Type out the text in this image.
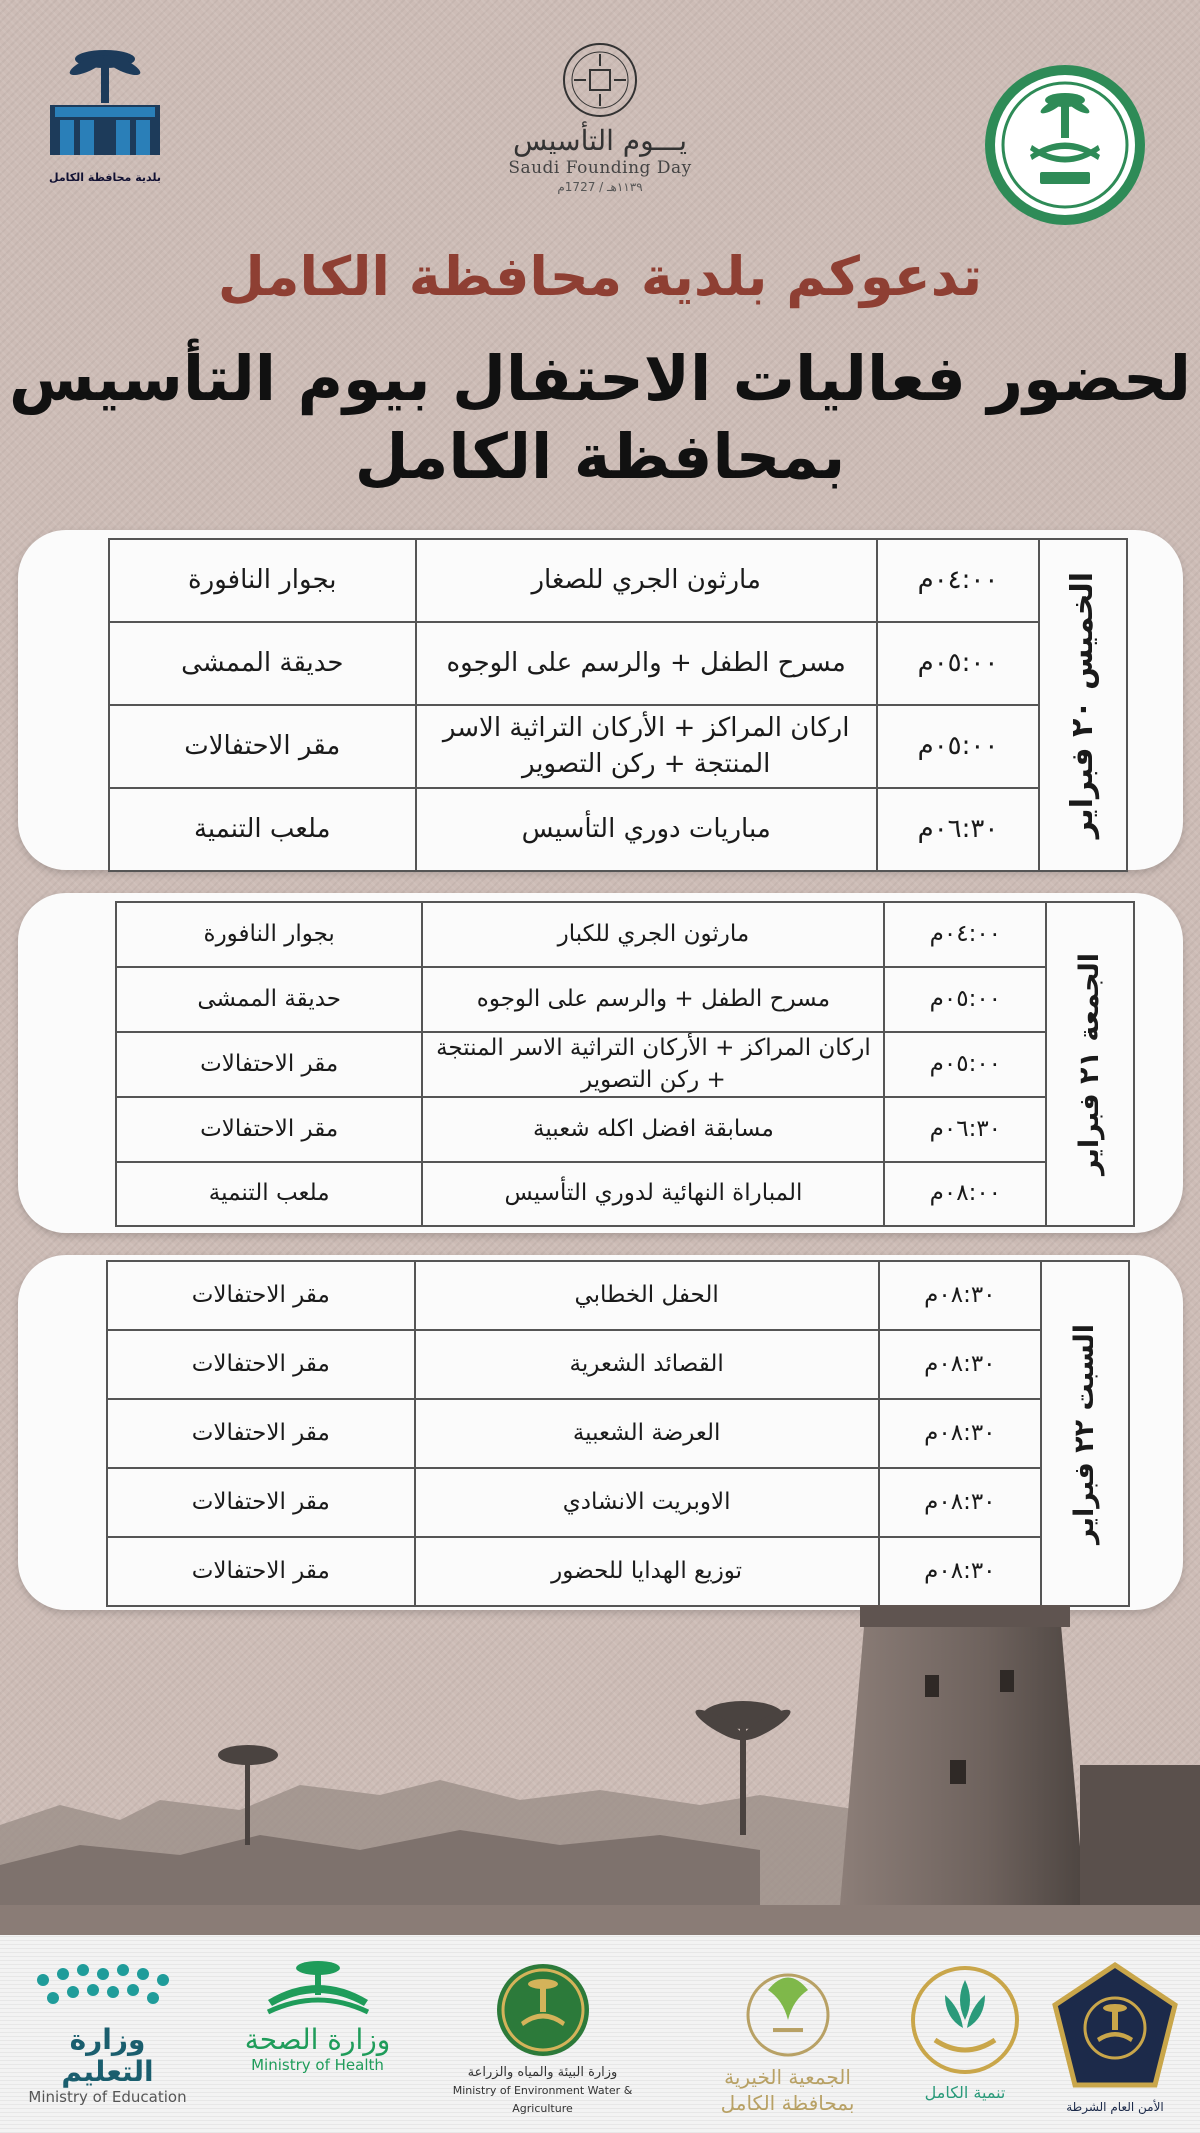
بلدية محافظة الكامل
يـــوم التأسيس
Saudi Founding Day
١١٣٩هـ / 1727م
تدعوكم بلدية محافظة الكامل
لحضور فعاليات الاحتفال بيوم التأسيس
بمحافظة الكامل
الخميس ٢٠ فبراير	٠٤:٠٠م	مارثون الجري للصغار	بجوار النافورة
	٠٥:٠٠م	مسرح الطفل + والرسم على الوجوه	حديقة الممشى
	٠٥:٠٠م	اركان المراكز + الأركان التراثية الاسر المنتجة + ركن التصوير	مقر الاحتفالات
	٠٦:٣٠م	مباريات دوري التأسيس	ملعب التنمية
الجمعة ٢١ فبراير	٠٤:٠٠م	مارثون الجري للكبار	بجوار النافورة
	٠٥:٠٠م	مسرح الطفل + والرسم على الوجوه	حديقة الممشى
	٠٥:٠٠م	اركان المراكز + الأركان التراثية الاسر المنتجة + ركن التصوير	مقر الاحتفالات
	٠٦:٣٠م	مسابقة افضل اكله شعبية	مقر الاحتفالات
	٠٨:٠٠م	المباراة النهائية لدوري التأسيس	ملعب التنمية
السبت ٢٢ فبراير	٠٨:٣٠م	الحفل الخطابي	مقر الاحتفالات
	٠٨:٣٠م	القصائد الشعرية	مقر الاحتفالات
	٠٨:٣٠م	العرضة الشعبية	مقر الاحتفالات
	٠٨:٣٠م	الاوبريت الانشادي	مقر الاحتفالات
	٠٨:٣٠م	توزيع الهدايا للحضور	مقر الاحتفالات
وزارة التعليم
Ministry of Education
وزارة الصحة
Ministry of Health	وزارة البيئة والمياه والزراعة
Ministry of Environment Water & Agriculture
الجمعية الخيرية بمحافظة الكامل	تنمية الكامل
الأمن العام الشرطة
